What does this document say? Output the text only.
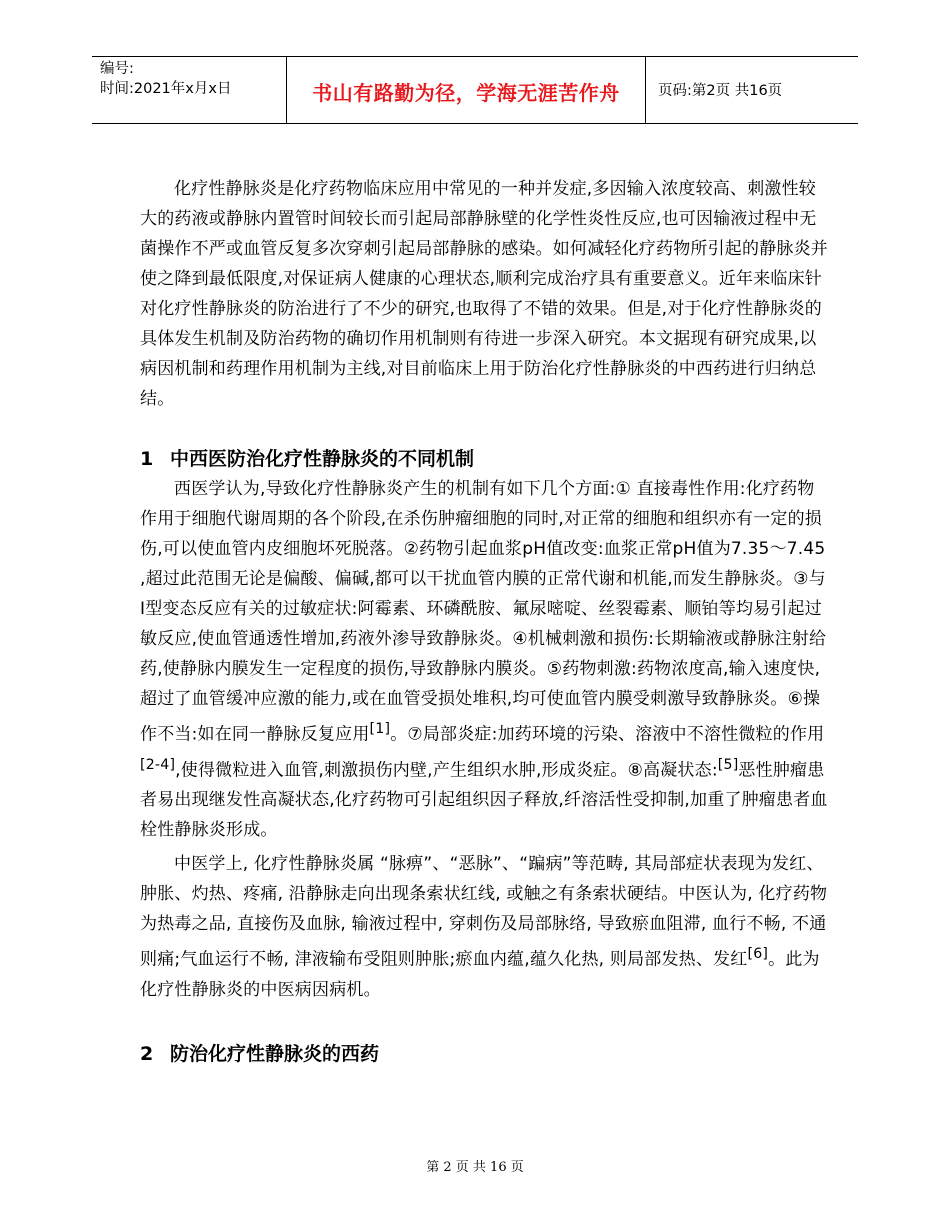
编号:
时间:2021年x月x日	书山有路勤为径，学海无涯苦作舟	页码:第2页 共16页

化疗性静脉炎是化疗药物临床应用中常见的一种并发症,多因输入浓度较高、刺激性较大的药液或静脉内置管时间较长而引起局部静脉壁的化学性炎性反应,也可因输液过程中无菌操作不严或血管反复多次穿刺引起局部静脉的感染。如何减轻化疗药物所引起的静脉炎并使之降到最低限度,对保证病人健康的心理状态,顺利完成治疗具有重要意义。近年来临床针对化疗性静脉炎的防治进行了不少的研究,也取得了不错的效果。但是,对于化疗性静脉炎的具体发生机制及防治药物的确切作用机制则有待进一步深入研究。本文据现有研究成果,以病因机制和药理作用机制为主线,对目前临床上用于防治化疗性静脉炎的中西药进行归纳总结。

1 中西医防治化疗性静脉炎的不同机制

西医学认为,导致化疗性静脉炎产生的机制有如下几个方面:① 直接毒性作用:化疗药物作用于细胞代谢周期的各个阶段,在杀伤肿瘤细胞的同时,对正常的细胞和组织亦有一定的损伤,可以使血管内皮细胞坏死脱落。②药物引起血浆pH值改变:血浆正常pH值为7.35～7.45 ,超过此范围无论是偏酸、偏碱,都可以干扰血管内膜的正常代谢和机能,而发生静脉炎。③与Ⅰ型变态反应有关的过敏症状:阿霉素、环磷酰胺、氟尿嘧啶、丝裂霉素、顺铂等均易引起过敏反应,使血管通透性增加,药液外渗导致静脉炎。④机械刺激和损伤:长期输液或静脉注射给药,使静脉内膜发生一定程度的损伤,导致静脉内膜炎。⑤药物刺激:药物浓度高,输入速度快,超过了血管缓冲应激的能力,或在血管受损处堆积,均可使血管内膜受刺激导致静脉炎。⑥操作不当:如在同一静脉反复应用[1]。⑦局部炎症:加药环境的污染、溶液中不溶性微粒的作用[2-4],使得微粒进入血管,刺激损伤内壁,产生组织水肿,形成炎症。⑧高凝状态:[5]恶性肿瘤患者易出现继发性高凝状态,化疗药物可引起组织因子释放,纤溶活性受抑制,加重了肿瘤患者血栓性静脉炎形成。

中医学上, 化疗性静脉炎属 “脉痹”、“恶脉”、“蹁病”等范畴, 其局部症状表现为发红、肿胀、灼热、疼痛, 沿静脉走向出现条索状红线, 或触之有条索状硬结。中医认为, 化疗药物为热毒之品, 直接伤及血脉, 输液过程中, 穿刺伤及局部脉络, 导致瘀血阻滞, 血行不畅, 不通则痛;气血运行不畅, 津液输布受阻则肿胀;瘀血内蕴,蕴久化热, 则局部发热、发红[6]。此为化疗性静脉炎的中医病因病机。

2 防治化疗性静脉炎的西药
第 2 页 共 16 页
